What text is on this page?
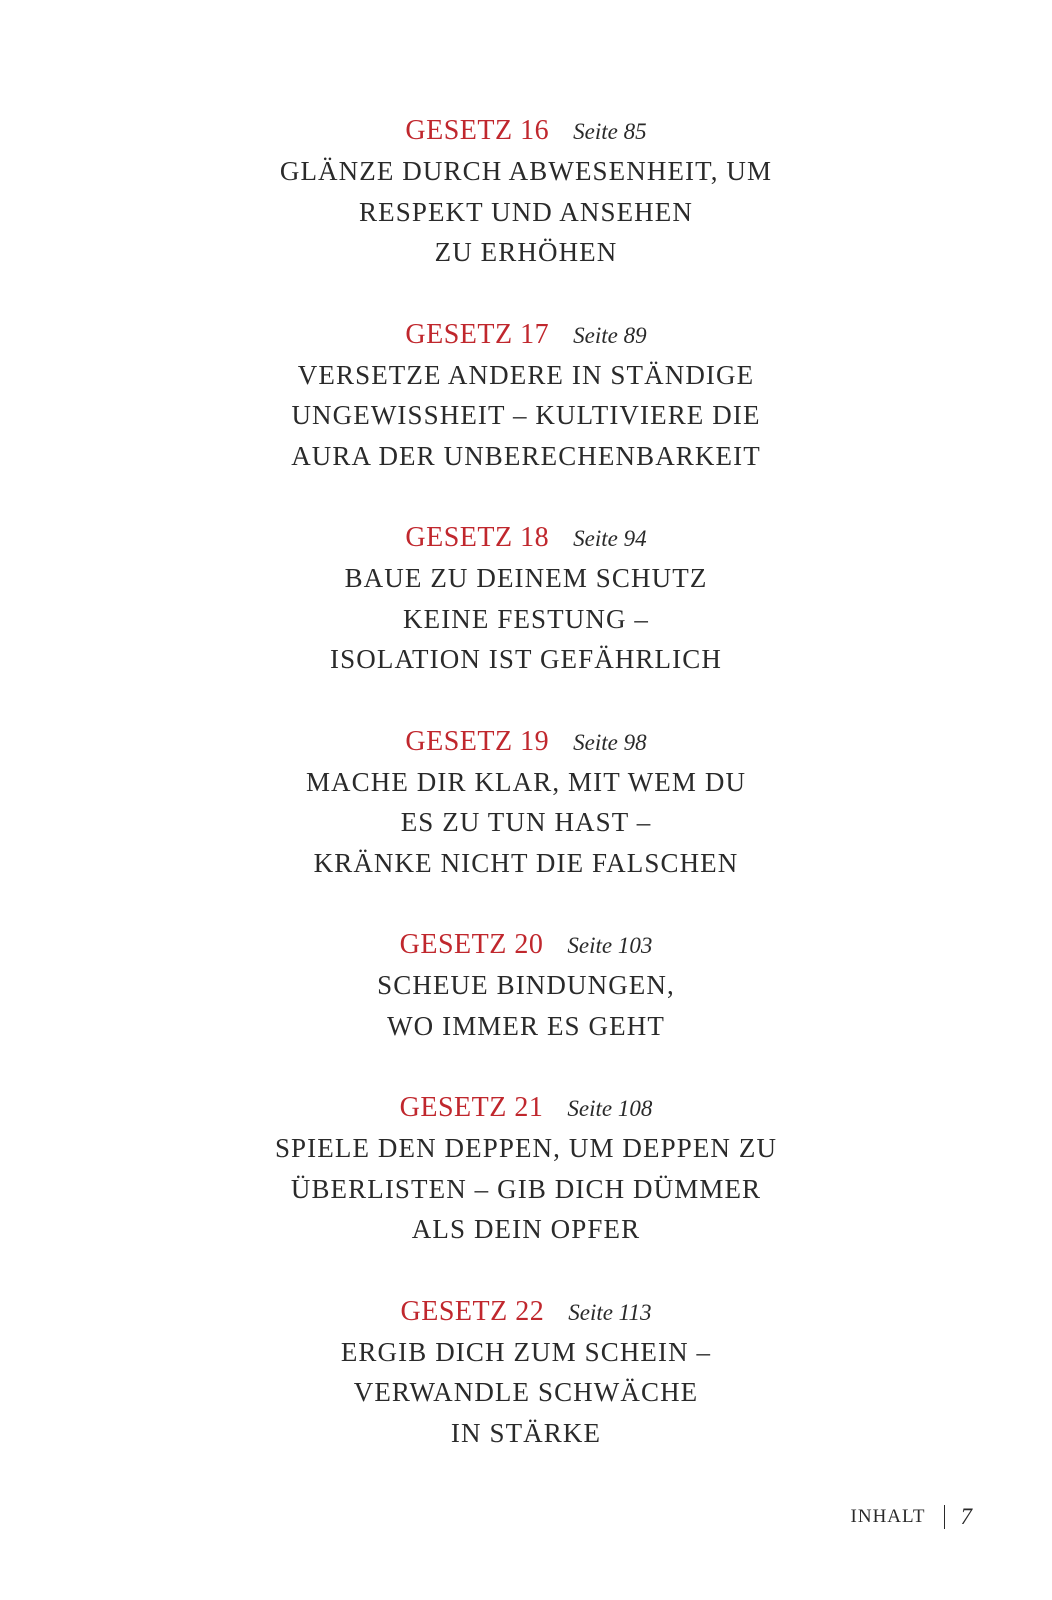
GESETZ 16 Seite 85
GLÄNZE DURCH ABWESENHEIT, UM
RESPEKT UND ANSEHEN
ZU ERHÖHEN
GESETZ 17 Seite 89
VERSETZE ANDERE IN STÄNDIGE
UNGEWISSHEIT – KULTIVIERE DIE
AURA DER UNBERECHENBARKEIT
GESETZ 18 Seite 94
BAUE ZU DEINEM SCHUTZ
KEINE FESTUNG –
ISOLATION IST GEFÄHRLICH
GESETZ 19 Seite 98
MACHE DIR KLAR, MIT WEM DU
ES ZU TUN HAST –
KRÄNKE NICHT DIE FALSCHEN
GESETZ 20 Seite 103
SCHEUE BINDUNGEN,
WO IMMER ES GEHT
GESETZ 21 Seite 108
SPIELE DEN DEPPEN, UM DEPPEN ZU
ÜBERLISTEN – GIB DICH DÜMMER
ALS DEIN OPFER
GESETZ 22 Seite 113
ERGIB DICH ZUM SCHEIN –
VERWANDLE SCHWÄCHE
IN STÄRKE
INHALT 7
